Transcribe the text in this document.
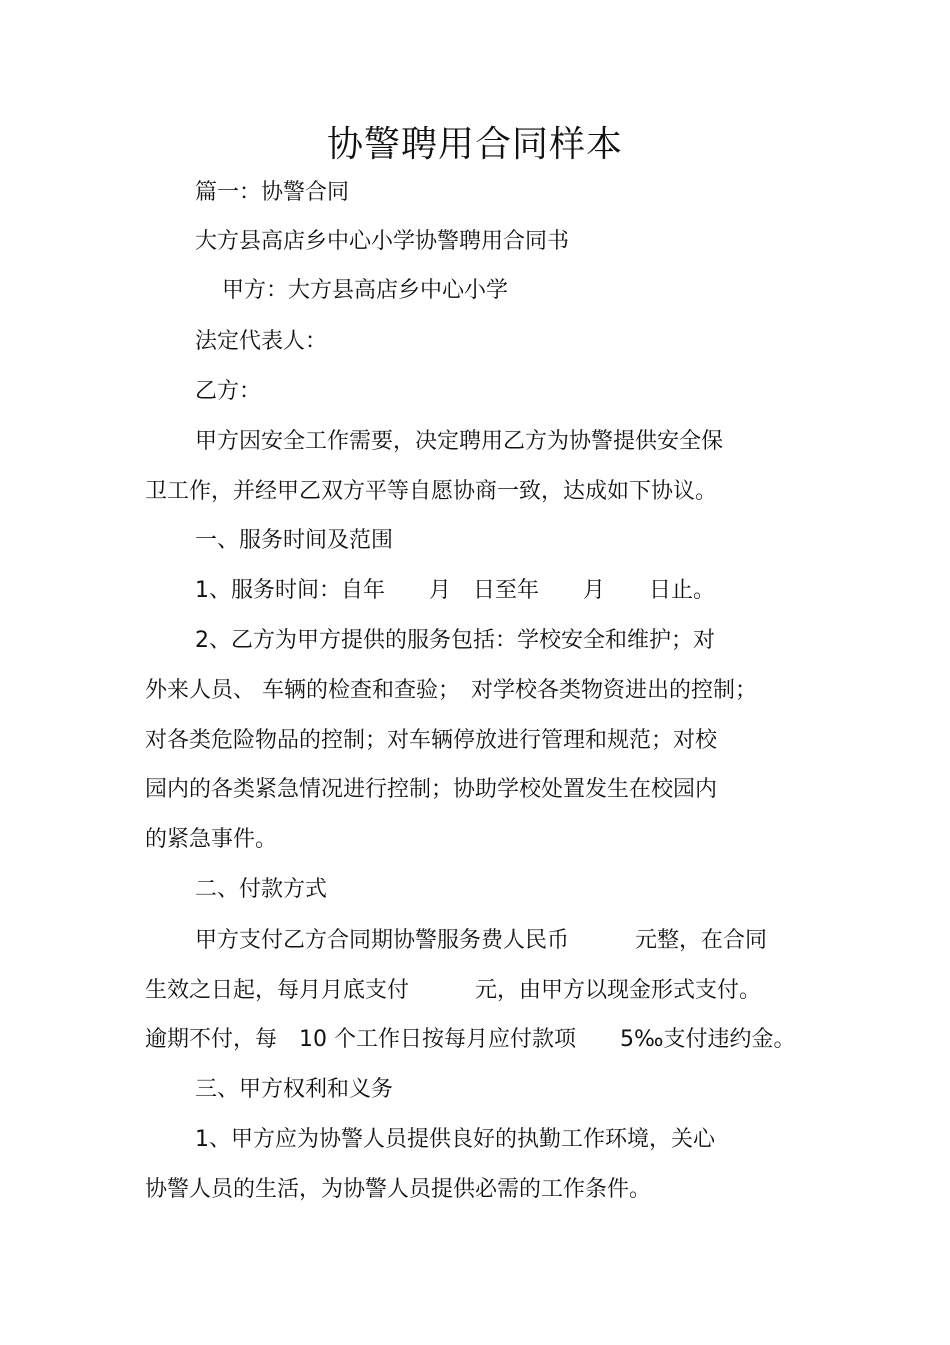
协警聘用合同样本
篇一：协警合同
大方县高店乡中心小学协警聘用合同书
甲方：大方县高店乡中心小学
法定代表人：
乙方：
甲方因安全工作需要，决定聘用乙方为协警提供安全保
卫工作，并经甲乙双方平等自愿协商一致，达成如下协议。
一、服务时间及范围
1、服务时间：自年　　月　日至年　　月　　日止。
2、乙方为甲方提供的服务包括：学校安全和维护；对
外来人员、 车辆的检查和查验；　对学校各类物资进出的控制；
对各类危险物品的控制；对车辆停放进行管理和规范；对校
园内的各类紧急情况进行控制；协助学校处置发生在校园内
的紧急事件。
二、付款方式
甲方支付乙方合同期协警服务费人民币　　　元整，在合同
生效之日起，每月月底支付　　　元，由甲方以现金形式支付。
逾期不付，每　10 个工作日按每月应付款项　　5‰支付违约金。
三、甲方权利和义务
1、甲方应为协警人员提供良好的执勤工作环境，关心
协警人员的生活，为协警人员提供必需的工作条件。
